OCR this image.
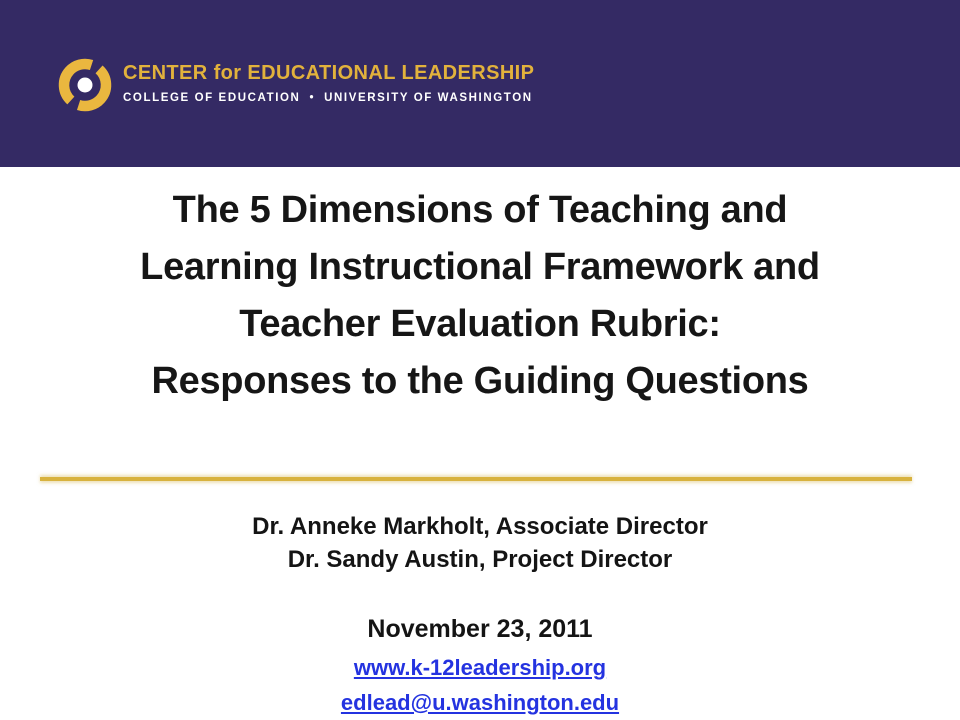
CENTER for EDUCATIONAL LEADERSHIP
COLLEGE OF EDUCATION • UNIVERSITY OF WASHINGTON
The 5 Dimensions of Teaching and
Learning Instructional Framework and
Teacher Evaluation Rubric:
Responses to the Guiding Questions
Dr. Anneke Markholt, Associate Director
Dr. Sandy Austin, Project Director
November 23, 2011
www.k-12leadership.org
edlead@u.washington.edu
